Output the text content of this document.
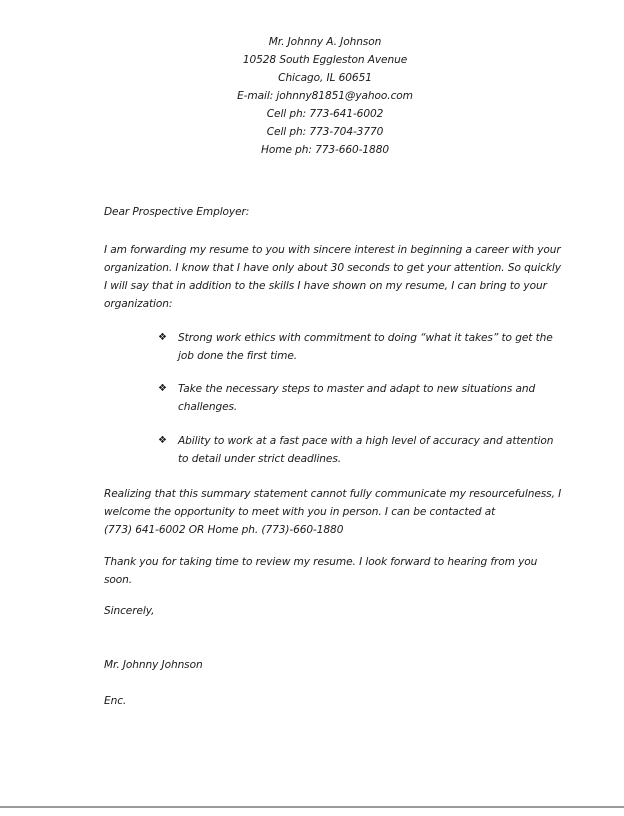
Mr. Johnny A. Johnson
10528 South Eggleston Avenue
Chicago, IL 60651
E-mail: johnny81851@yahoo.com
Cell ph: 773-641-6002
Cell ph: 773-704-3770
Home ph: 773-660-1880
Dear Prospective Employer:
I am forwarding my resume to you with sincere interest in beginning a career with your
organization. I know that I have only about 30 seconds to get your attention. So quickly
I will say that in addition to the skills I have shown on my resume, I can bring to your
organization:
❖ Strong work ethics with commitment to doing “what it takes” to get the
job done the first time.
❖ Take the necessary steps to master and adapt to new situations and
challenges.
❖ Ability to work at a fast pace with a high level of accuracy and attention
to detail under strict deadlines.
Realizing that this summary statement cannot fully communicate my resourcefulness, I
welcome the opportunity to meet with you in person. I can be contacted at
(773) 641-6002 OR Home ph. (773)-660-1880
Thank you for taking time to review my resume. I look forward to hearing from you
soon.
Sincerely,
Mr. Johnny Johnson
Enc.
